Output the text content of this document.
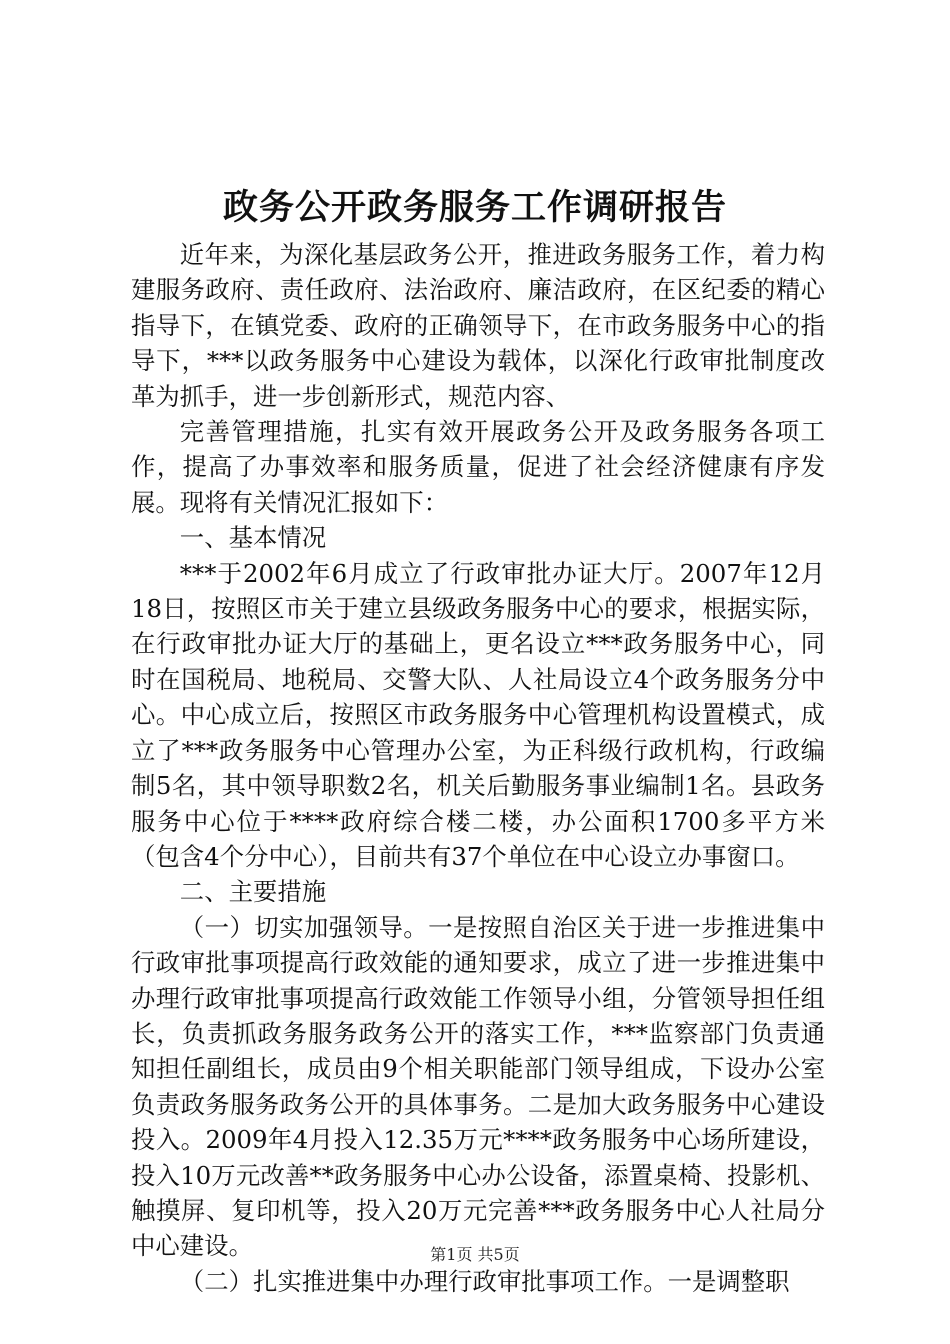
政务公开政务服务工作调研报告

近年来，为深化基层政务公开，推进政务服务工作，着力构建服务政府、责任政府、法治政府、廉洁政府，在区纪委的精心指导下，在镇党委、政府的正确领导下，在市政务服务中心的指导下，***以政务服务中心建设为载体，以深化行政审批制度改革为抓手，进一步创新形式，规范内容、

完善管理措施，扎实有效开展政务公开及政务服务各项工作，提高了办事效率和服务质量，促进了社会经济健康有序发展。现将有关情况汇报如下：

一、基本情况

***于2002年6月成立了行政审批办证大厅。2007年12月18日，按照区市关于建立县级政务服务中心的要求，根据实际，在行政审批办证大厅的基础上，更名设立***政务服务中心，同时在国税局、地税局、交警大队、人社局设立4个政务服务分中心。中心成立后，按照区市政务服务中心管理机构设置模式，成立了***政务服务中心管理办公室，为正科级行政机构，行政编制5名，其中领导职数2名，机关后勤服务事业编制1名。县政务服务中心位于****政府综合楼二楼，办公面积1700多平方米（包含4个分中心），目前共有37个单位在中心设立办事窗口。

二、主要措施

（一）切实加强领导。一是按照自治区关于进一步推进集中行政审批事项提高行政效能的通知要求，成立了进一步推进集中办理行政审批事项提高行政效能工作领导小组，分管领导担任组长，负责抓政务服务政务公开的落实工作，***监察部门负责通知担任副组长，成员由9个相关职能部门领导组成，下设办公室负责政务服务政务公开的具体事务。二是加大政务服务中心建设投入。2009年4月投入12.35万元****政务服务中心场所建设，投入10万元改善**政务服务中心办公设备，添置桌椅、投影机、触摸屏、复印机等，投入20万元完善***政务服务中心人社局分中心建设。

（二）扎实推进集中办理行政审批事项工作。一是调整职

第1页 共5页
